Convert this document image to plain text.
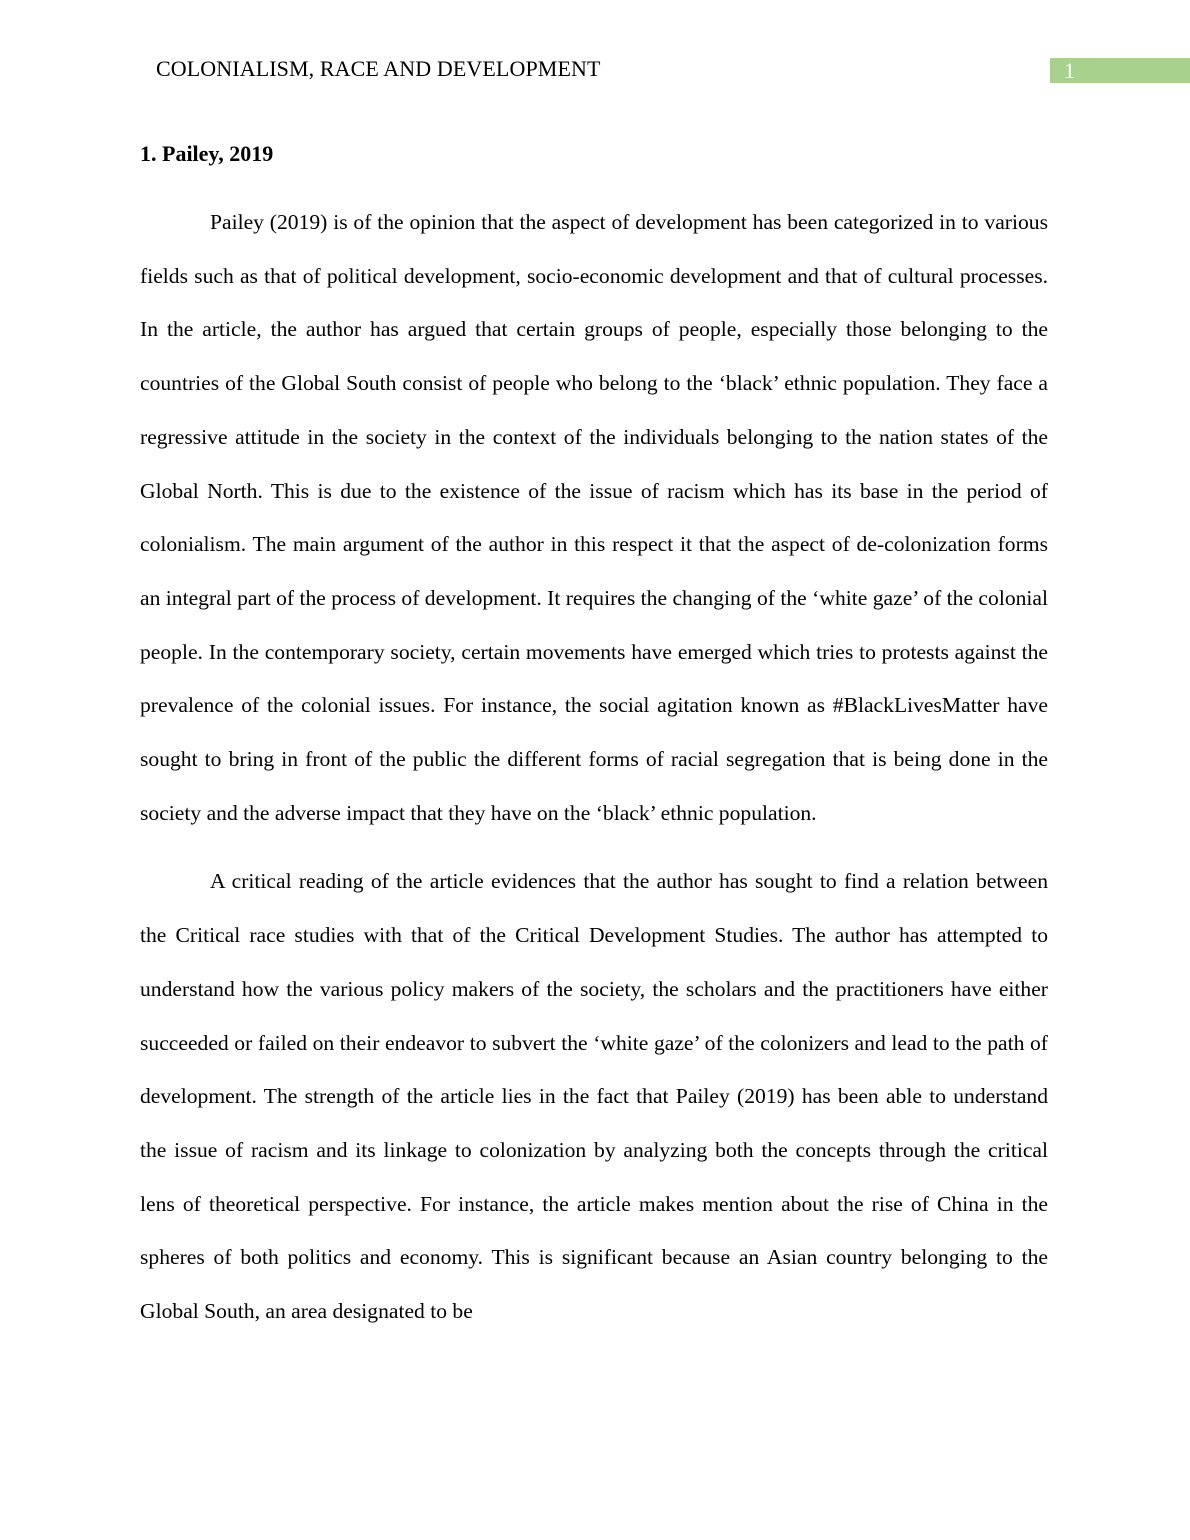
COLONIALISM, RACE AND DEVELOPMENT	1
1. Pailey, 2019

Pailey (2019) is of the opinion that the aspect of development has been categorized in to various fields such as that of political development, socio-economic development and that of cultural processes. In the article, the author has argued that certain groups of people, especially those belonging to the countries of the Global South consist of people who belong to the ‘black’ ethnic population. They face a regressive attitude in the society in the context of the individuals belonging to the nation states of the Global North. This is due to the existence of the issue of racism which has its base in the period of colonialism. The main argument of the author in this respect it that the aspect of de-colonization forms an integral part of the process of development. It requires the changing of the ‘white gaze’ of the colonial people. In the contemporary society, certain movements have emerged which tries to protests against the prevalence of the colonial issues. For instance, the social agitation known as #BlackLivesMatter have sought to bring in front of the public the different forms of racial segregation that is being done in the society and the adverse impact that they have on the ‘black’ ethnic population.

A critical reading of the article evidences that the author has sought to find a relation between the Critical race studies with that of the Critical Development Studies. The author has attempted to understand how the various policy makers of the society, the scholars and the practitioners have either succeeded or failed on their endeavor to subvert the ‘white gaze’ of the colonizers and lead to the path of development. The strength of the article lies in the fact that Pailey (2019) has been able to understand the issue of racism and its linkage to colonization by analyzing both the concepts through the critical lens of theoretical perspective. For instance, the article makes mention about the rise of China in the spheres of both politics and economy. This is significant because an Asian country belonging to the Global South, an area designated to be
